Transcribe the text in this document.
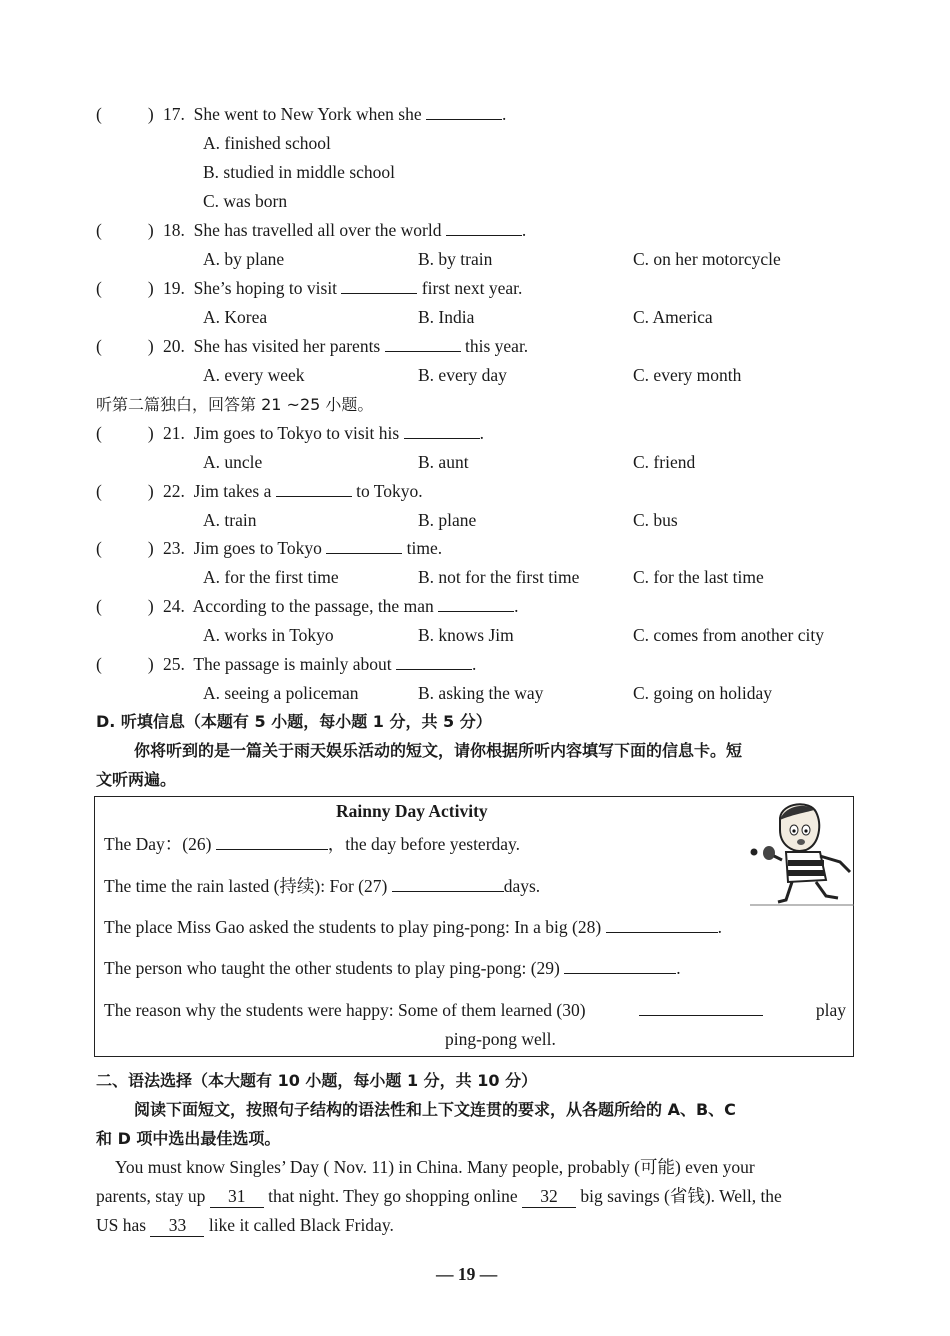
(	) 17. She went to New York when she	.
A. finished school
B. studied in middle school
C. was born
(	) 18. She has travelled all over the world	.
A. by plane	B. by train	C. on her motorcycle
(	) 19. She’s hoping to visit	first next year.
A. Korea	B. India	C. America
(	) 20. She has visited her parents	this year.
A. every week	B. every day	C. every month
听第二篇独白，回答第 21 ~25 小题。
(	) 21. Jim goes to Tokyo to visit his	.
A. uncle	B. aunt	C. friend
(	) 22. Jim takes a	to Tokyo.
A. train	B. plane	C. bus
(	) 23. Jim goes to Tokyo	time.
A. for the first time	B. not for the first time	C. for the last time
(	) 24. According to the passage, the man	.
A. works in Tokyo	B. knows Jim	C. comes from another city
(	) 25. The passage is mainly about	.
A. seeing a policeman	B. asking the way	C. going on holiday
D. 听填信息（本题有 5 小题，每小题 1 分，共 5 分）
你将听到的是一篇关于雨天娱乐活动的短文，请你根据所听内容填写下面的信息卡。短
文听两遍。
Rainny Day Activity
The Day：(26)	，the day before yesterday.
The time the rain lasted (持续): For (27)	days.
The place Miss Gao asked the students to play ping-pong: In a big (28)	.
The person who taught the other students to play ping-pong: (29)	.
The reason why the students were happy: Some of them learned (30)	play
ping-pong well.
二、语法选择（本大题有 10 小题，每小题 1 分，共 10 分）
阅读下面短文，按照句子结构的语法性和上下文连贯的要求，从各题所给的 A、B、C
和 D 项中选出最佳选项。
You must know Singles’ Day ( Nov. 11) in China. Many people, probably (可能) even your
parents, stay up 31 that night. They go shopping online 32 big savings (省钱). Well, the
US has 33 like it called Black Friday.
— 19 —
